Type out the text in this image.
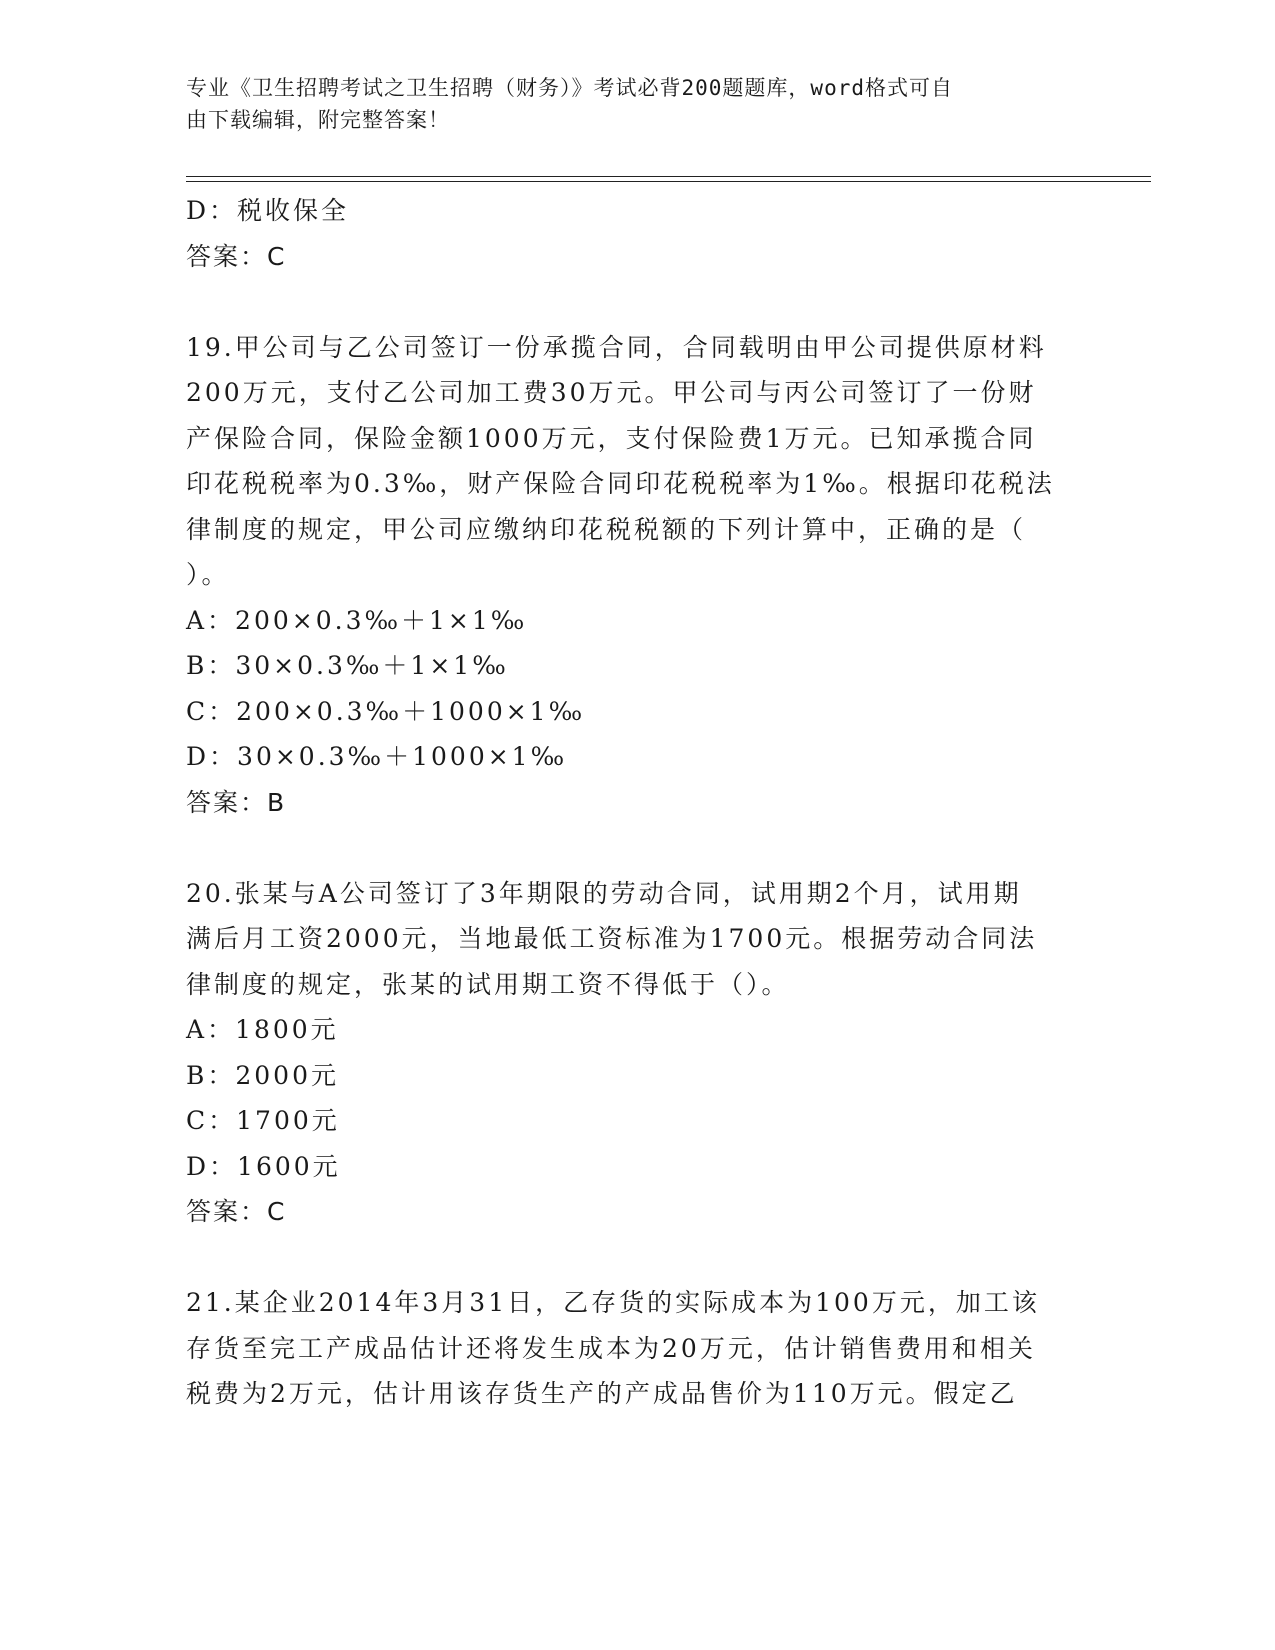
专业《卫生招聘考试之卫生招聘（财务）》考试必背200题题库，word格式可自
由下载编辑，附完整答案！
D：税收保全
答案：C
19.甲公司与乙公司签订一份承揽合同，合同载明由甲公司提供原材料
200万元，支付乙公司加工费30万元。甲公司与丙公司签订了一份财
产保险合同，保险金额1000万元，支付保险费1万元。已知承揽合同
印花税税率为0.3‰，财产保险合同印花税税率为1‰。根据印花税法
律制度的规定，甲公司应缴纳印花税税额的下列计算中，正确的是（
）。
A：200×0.3‰＋1×1‰
B：30×0.3‰＋1×1‰
C：200×0.3‰＋1000×1‰
D：30×0.3‰＋1000×1‰
答案：B
20.张某与A公司签订了3年期限的劳动合同，试用期2个月，试用期
满后月工资2000元，当地最低工资标准为1700元。根据劳动合同法
律制度的规定，张某的试用期工资不得低于（）。
A：1800元
B：2000元
C：1700元
D：1600元
答案：C
21.某企业2014年3月31日，乙存货的实际成本为100万元，加工该
存货至完工产成品估计还将发生成本为20万元，估计销售费用和相关
税费为2万元，估计用该存货生产的产成品售价为110万元。假定乙
